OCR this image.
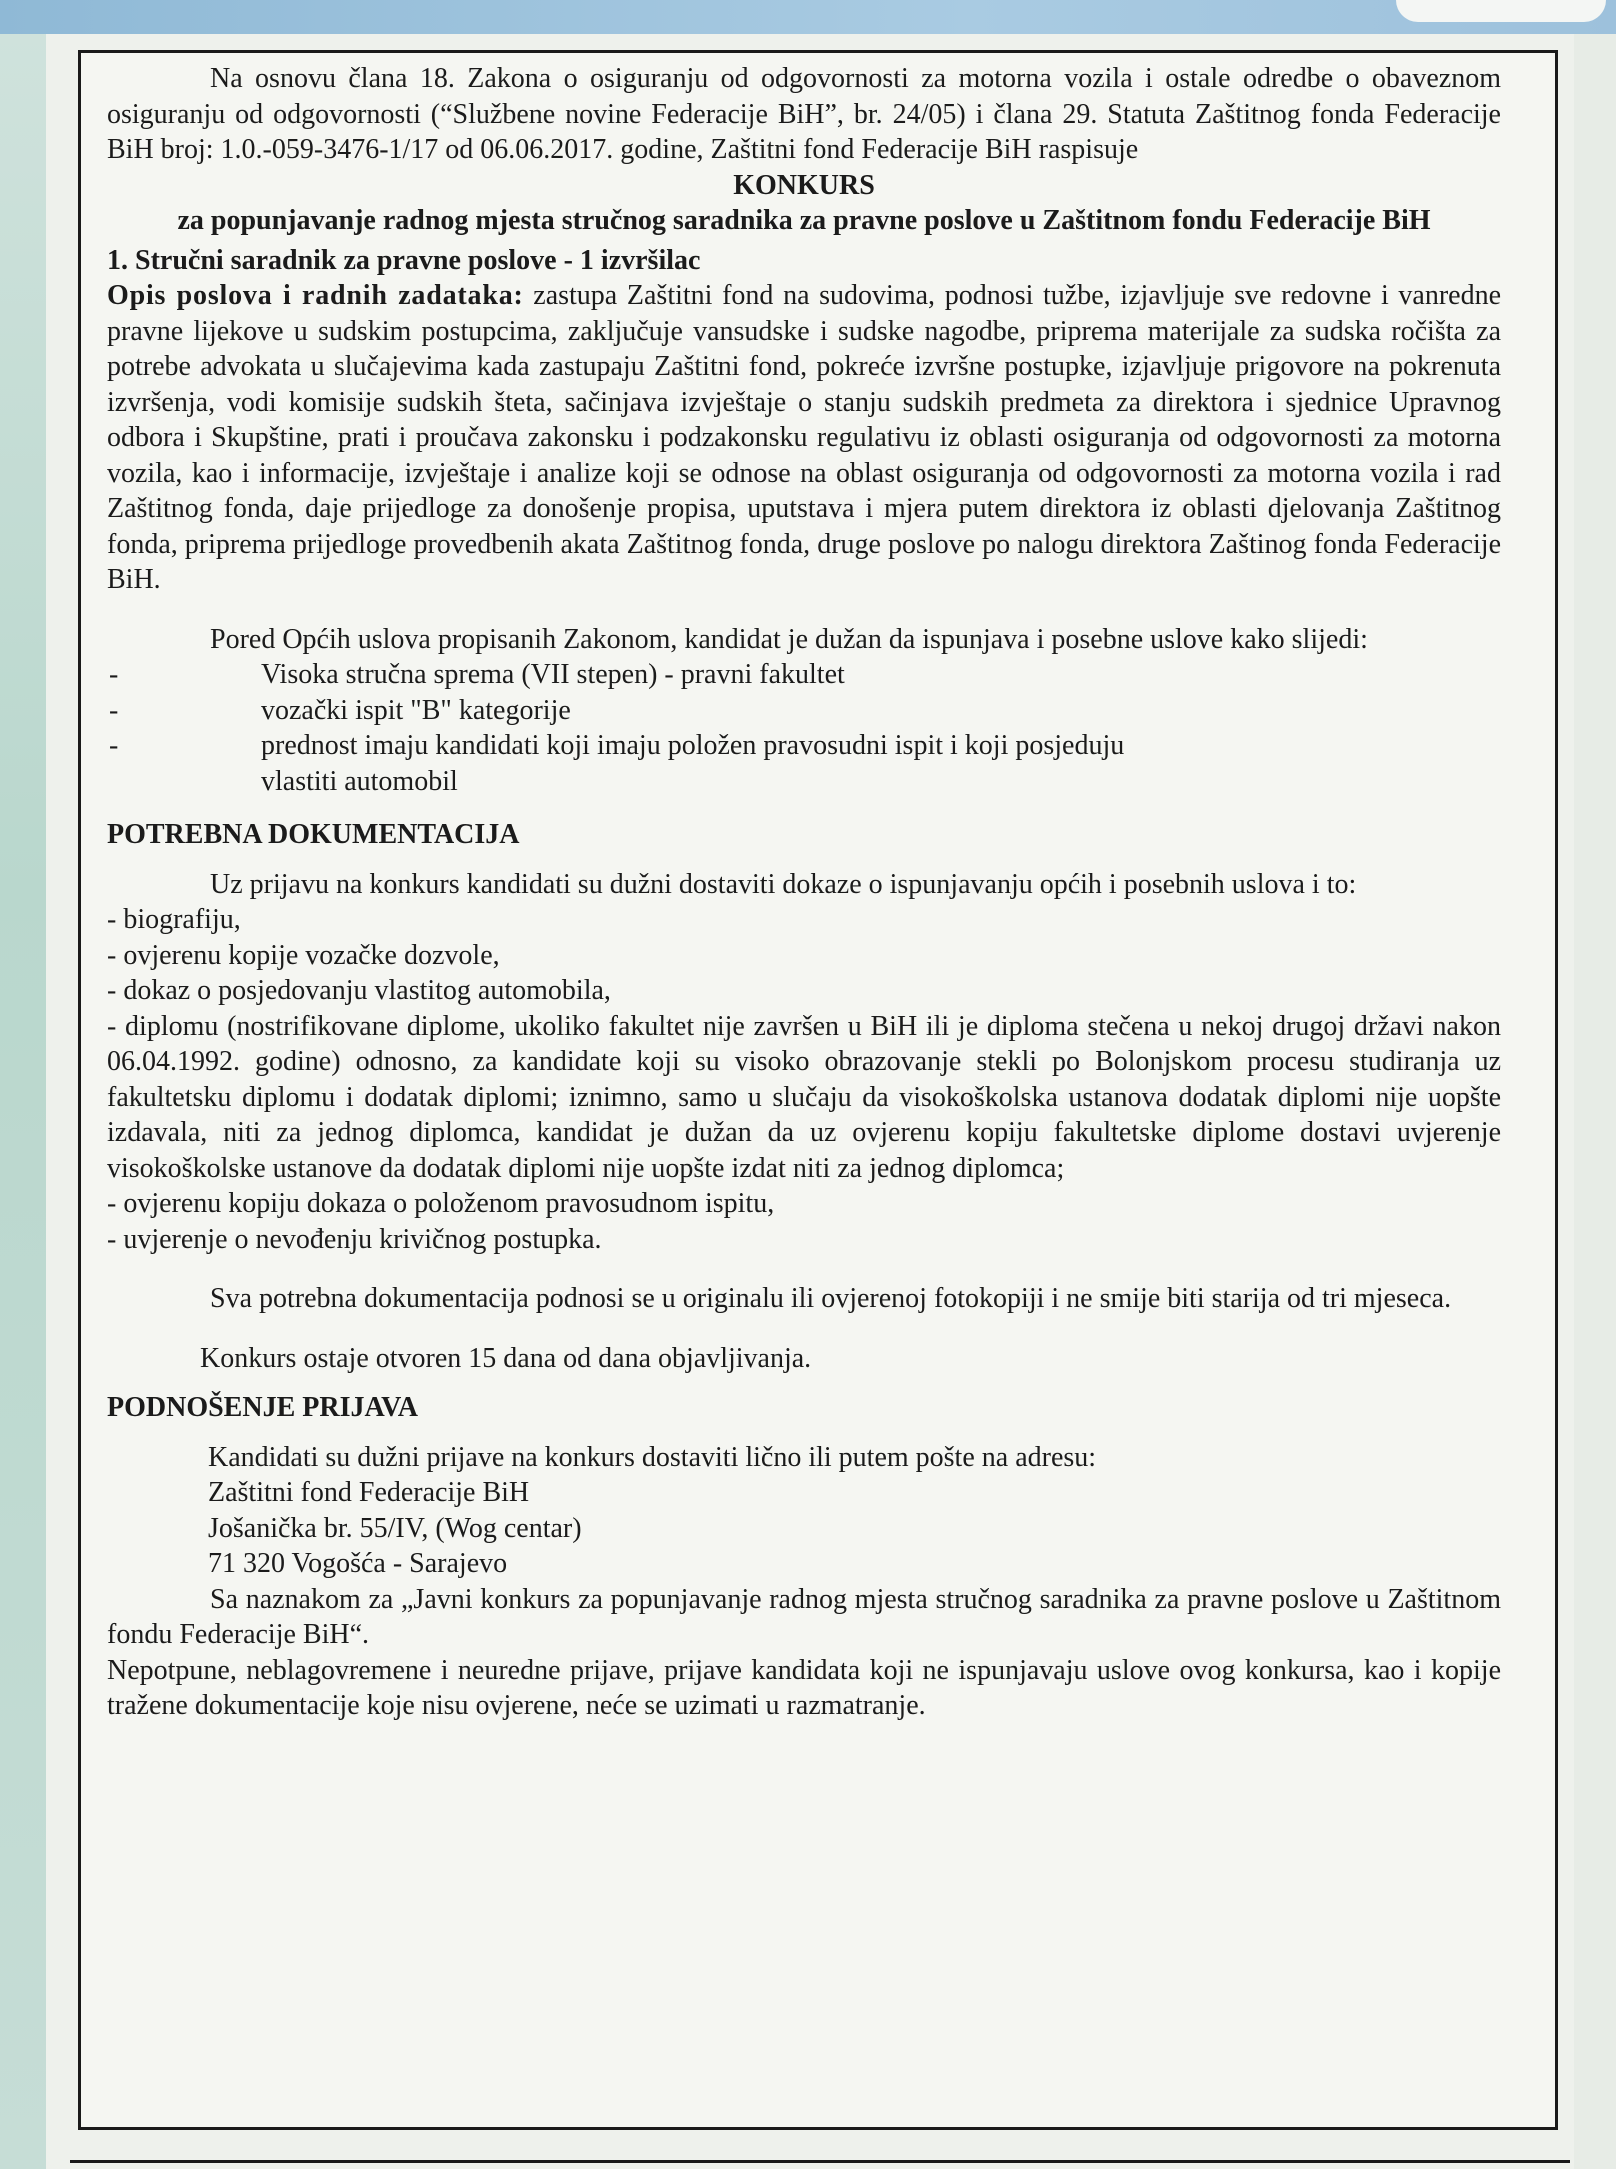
Na osnovu člana 18. Zakona o osiguranju od odgovornosti za motorna vozila i ostale odredbe o obaveznom osiguranju od odgovornosti (“Službene novine Federacije BiH”, br. 24/05) i člana 29. Statuta Zaštitnog fonda Federacije BiH broj: 1.0.-059-3476-1/17 od 06.06.2017. godine, Zaštitni fond Federacije BiH raspisuje

KONKURS

za popunjavanje radnog mjesta stručnog saradnika za pravne poslove u Zaštitnom fondu Federacije BiH

1. Stručni saradnik za pravne poslove - 1 izvršilac

Opis poslova i radnih zadataka: zastupa Zaštitni fond na sudovima, podnosi tužbe, izjavljuje sve redovne i vanredne pravne lijekove u sudskim postupcima, zaključuje vansudske i sudske nagodbe, priprema materijale za sudska ročišta za potrebe advokata u slučajevima kada zastupaju Zaštitni fond, pokreće izvršne postupke, izjavljuje prigovore na pokrenuta izvršenja, vodi komisije sudskih šteta, sačinjava izvještaje o stanju sudskih predmeta za direktora i sjednice Upravnog odbora i Skupštine, prati i proučava zakonsku i podzakonsku regulativu iz oblasti osiguranja od odgovornosti za motorna vozila, kao i informacije, izvještaje i analize koji se odnose na oblast osiguranja od odgovornosti za motorna vozila i rad Zaštitnog fonda, daje prijedloge za donošenje propisa, uputstava i mjera putem direktora iz oblasti djelovanja Zaštitnog fonda, priprema prijedloge provedbenih akata Zaštitnog fonda, druge poslove po nalogu direktora Zaštinog fonda Federacije BiH.

Pored Općih uslova propisanih Zakonom, kandidat je dužan da ispunjava i posebne uslove kako slijedi:

-	Visoka stručna sprema (VII stepen) - pravni fakultet
-	vozački ispit "B" kategorije
-	prednost imaju kandidati koji imaju položen pravosudni ispit i koji posjeduju vlastiti automobil

POTREBNA DOKUMENTACIJA

Uz prijavu na konkurs kandidati su dužni dostaviti dokaze o ispunjavanju općih i posebnih uslova i to:

- biografiju,

- ovjerenu kopije vozačke dozvole,

- dokaz o posjedovanju vlastitog automobila,

- diplomu (nostrifikovane diplome, ukoliko fakultet nije završen u BiH ili je diploma stečena u nekoj drugoj državi nakon 06.04.1992. godine) odnosno, za kandidate koji su visoko obrazovanje stekli po Bolonjskom procesu studiranja uz fakultetsku diplomu i dodatak diplomi; iznimno, samo u slučaju da visokoškolska ustanova dodatak diplomi nije uopšte izdavala, niti za jednog diplomca, kandidat je dužan da uz ovjerenu kopiju fakultetske diplome dostavi uvjerenje visokoškolske ustanove da dodatak diplomi nije uopšte izdat niti za jednog diplomca;

- ovjerenu kopiju dokaza o položenom pravosudnom ispitu,

- uvjerenje o nevođenju krivičnog postupka.

Sva potrebna dokumentacija podnosi se u originalu ili ovjerenoj fotokopiji i ne smije biti starija od tri mjeseca.

Konkurs ostaje otvoren 15 dana od dana objavljivanja.

PODNOŠENJE PRIJAVA

Kandidati su dužni prijave na konkurs dostaviti lično ili putem pošte na adresu:

Zaštitni fond Federacije BiH

Jošanička br. 55/IV, (Wog centar)

71 320 Vogošća - Sarajevo

Sa naznakom za „Javni konkurs za popunjavanje radnog mjesta stručnog saradnika za pravne poslove u Zaštitnom fondu Federacije BiH“.

Nepotpune, neblagovremene i neuredne prijave, prijave kandidata koji ne ispunjavaju uslove ovog konkursa, kao i kopije tražene dokumentacije koje nisu ovjerene, neće se uzimati u razmatranje.
